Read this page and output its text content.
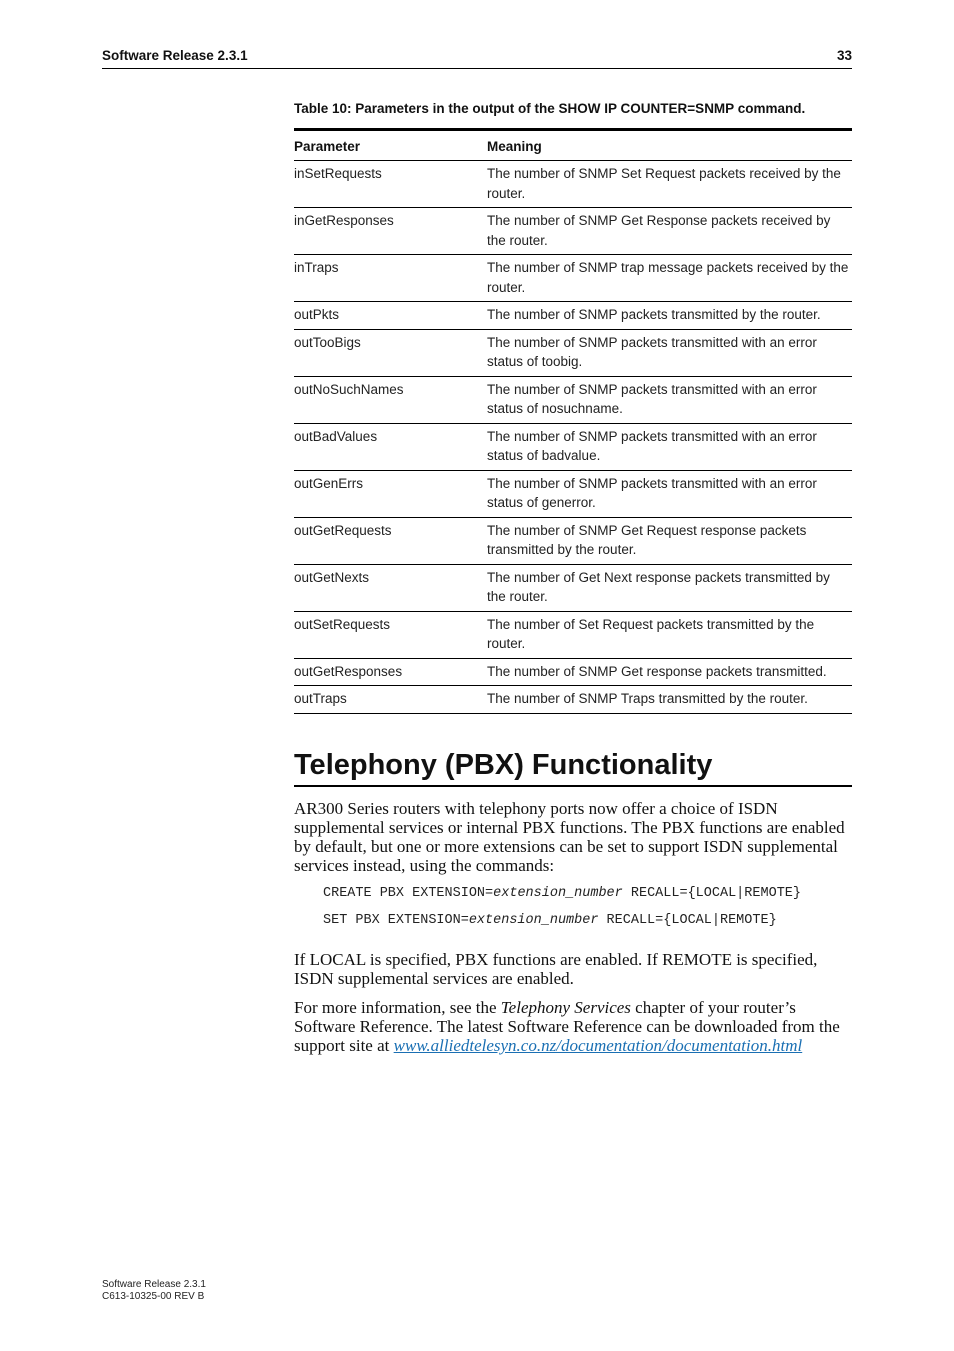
Software Release 2.3.1	33
Table 10: Parameters in the output of the SHOW IP COUNTER=SNMP command.
Parameter	Meaning
inSetRequests	The number of SNMP Set Request packets received by the router.
inGetResponses	The number of SNMP Get Response packets received by the router.
inTraps	The number of SNMP trap message packets received by the router.
outPkts	The number of SNMP packets transmitted by the router.
outTooBigs	The number of SNMP packets transmitted with an error status of toobig.
outNoSuchNames	The number of SNMP packets transmitted with an error status of nosuchname.
outBadValues	The number of SNMP packets transmitted with an error status of badvalue.
outGenErrs	The number of SNMP packets transmitted with an error status of generror.
outGetRequests	The number of SNMP Get Request response packets transmitted by the router.
outGetNexts	The number of Get Next response packets transmitted by the router.
outSetRequests	The number of Set Request packets transmitted by the router.
outGetResponses	The number of SNMP Get response packets transmitted.
outTraps	The number of SNMP Traps transmitted by the router.
Telephony (PBX) Functionality
AR300 Series routers with telephony ports now offer a choice of ISDN supplemental services or internal PBX functions. The PBX functions are enabled by default, but one or more extensions can be set to support ISDN supplemental services instead, using the commands:
CREATE PBX EXTENSION=extension_number RECALL={LOCAL|REMOTE}
SET PBX EXTENSION=extension_number RECALL={LOCAL|REMOTE}
If LOCAL is specified, PBX functions are enabled. If REMOTE is specified, ISDN supplemental services are enabled.
For more information, see the Telephony Services chapter of your router’s Software Reference. The latest Software Reference can be downloaded from the support site at www.alliedtelesyn.co.nz/documentation/documentation.html
Software Release 2.3.1
C613-10325-00 REV B
